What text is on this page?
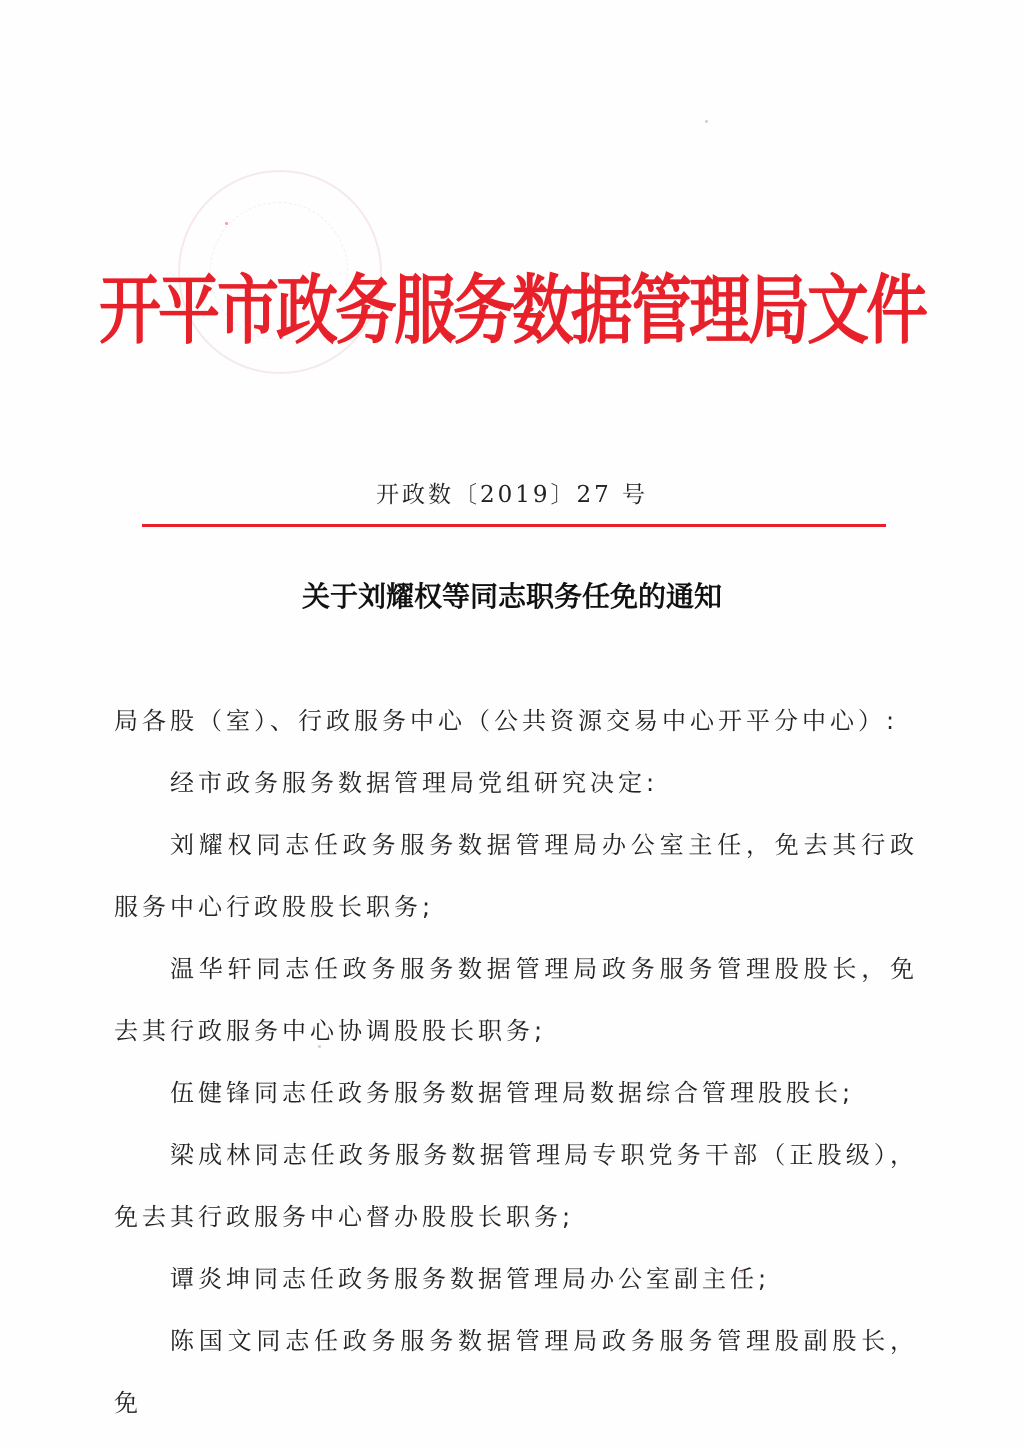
开平市政务服务数据管理局文件
开政数〔2019〕27 号
关于刘耀权等同志职务任免的通知

局各股（室）、行政服务中心（公共资源交易中心开平分中心）:

经市政务服务数据管理局党组研究决定:

刘耀权同志任政务服务数据管理局办公室主任，免去其行政服务中心行政股股长职务;

温华轩同志任政务服务数据管理局政务服务管理股股长，免去其行政服务中心协调股股长职务;

伍健锋同志任政务服务数据管理局数据综合管理股股长;

梁成林同志任政务服务数据管理局专职党务干部（正股级），免去其行政服务中心督办股股长职务;

谭炎坤同志任政务服务数据管理局办公室副主任;

陈国文同志任政务服务数据管理局政务服务管理股副股长，免
